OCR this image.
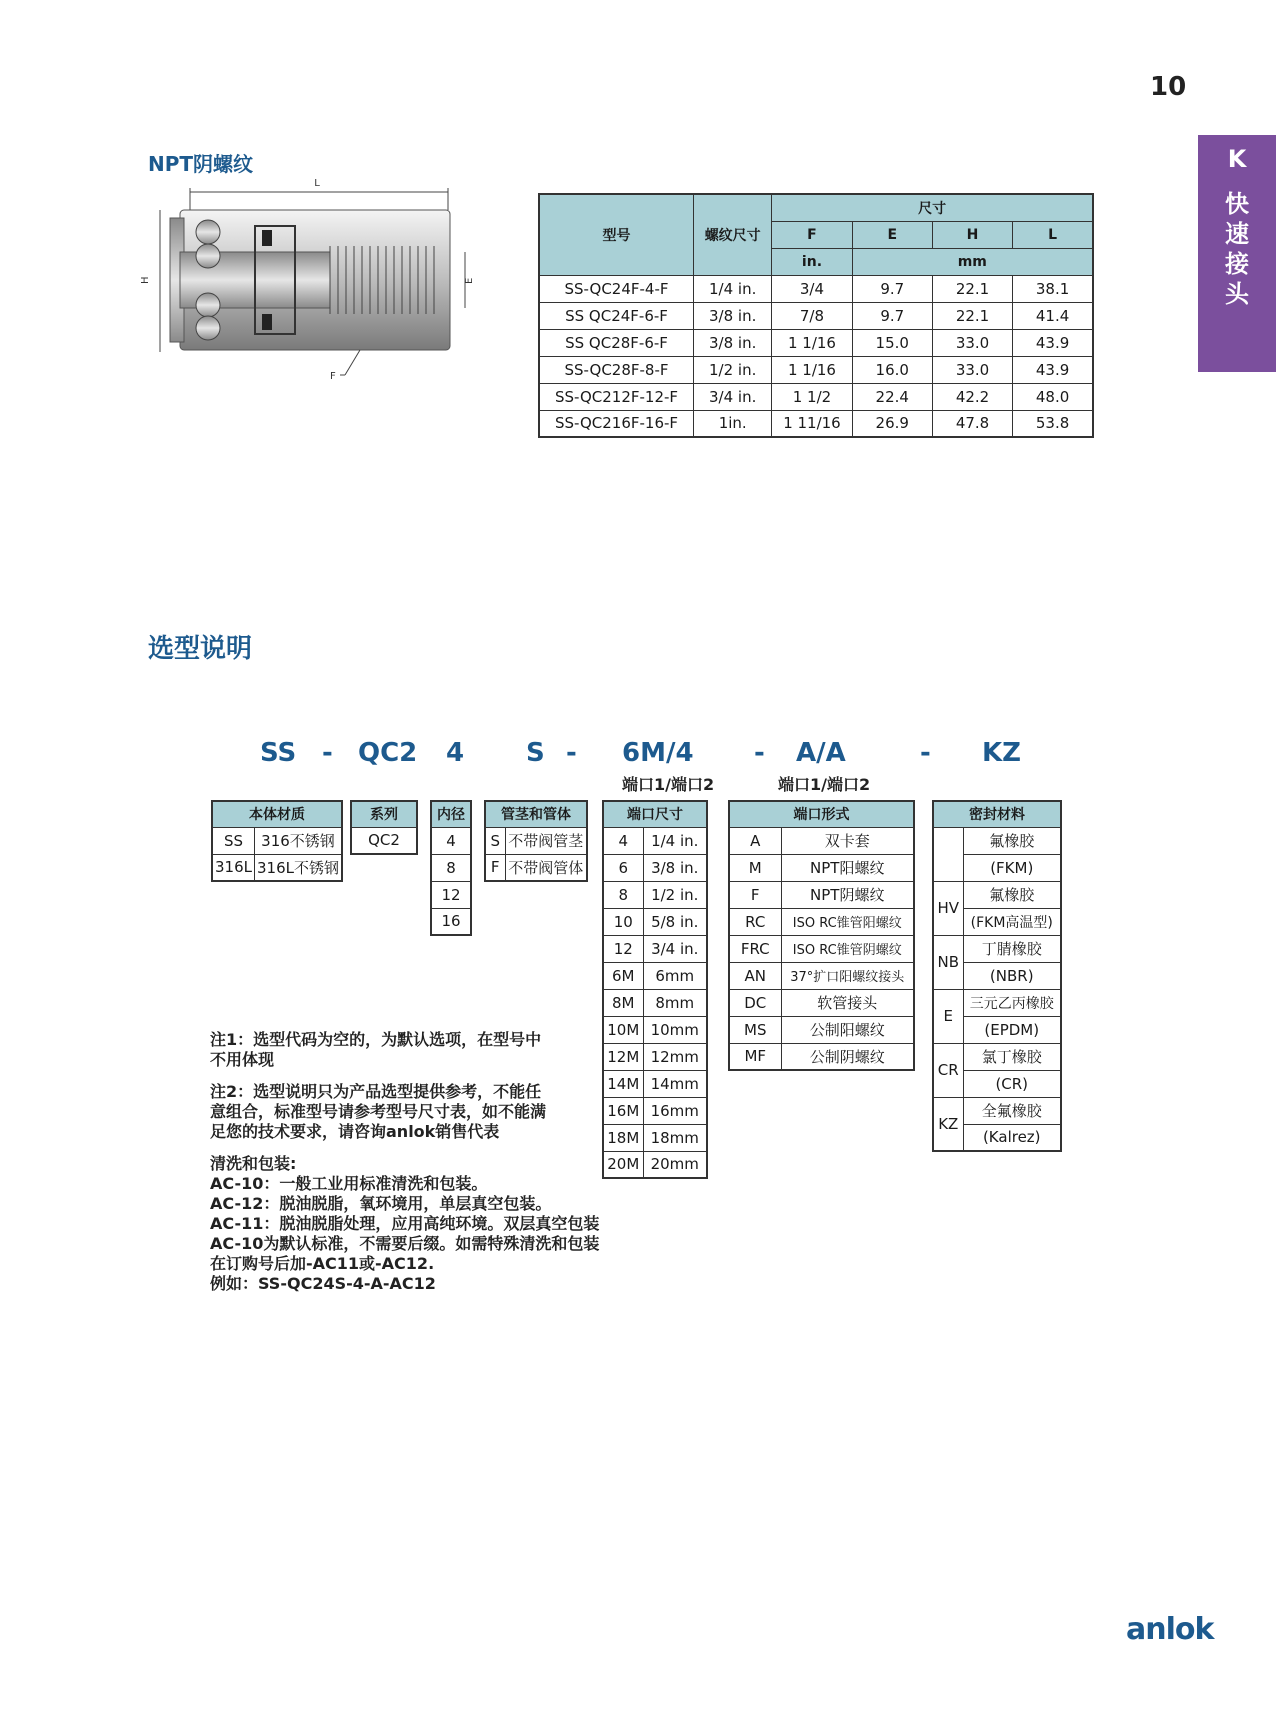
10
K
快
速
接
头
NPT阴螺纹
L
H	E
F
型号	螺纹尺寸	尺寸			
		F	E	H	L
		in.	mm		
SS-QC24F-4-F	1/4 in.	3/4	9.7	22.1	38.1
SS QC24F-6-F	3/8 in.	7/8	9.7	22.1	41.4
SS QC28F-6-F	3/8 in.	1 1/16	15.0	33.0	43.9
SS-QC28F-8-F	1/2 in.	1 1/16	16.0	33.0	43.9
SS-QC212F-12-F	3/4 in.	1 1/2	22.4	42.2	48.0
SS-QC216F-16-F	1in.	1 11/16	26.9	47.8	53.8
选型说明
SS - QC2 4 S - 6M/4 - A/A	- KZ
端口1/端口2	端口1/端口2
本体材质	
SS	316不锈钢
316L	316L不锈钢
系列
QC2
内径
4
8
12
16
管茎和管体	
S	不带阀管茎
F	不带阀管体
端口尺寸	
4	1/4 in.
6	3/8 in.
8	1/2 in.
10	5/8 in.
12	3/4 in.
6M	6mm
8M	8mm
10M	10mm
12M	12mm
14M	14mm
16M	16mm
18M	18mm
20M	20mm
端口形式	
A	双卡套
M	NPT阳螺纹
F	NPT阴螺纹
RC	ISO RC锥管阳螺纹
FRC	ISO RC锥管阴螺纹
AN	37°扩口阳螺纹接头
DC	软管接头
MS	公制阳螺纹
MF	公制阴螺纹
密封材料	
	氟橡胶
	(FKM)
HV	氟橡胶
	(FKM高温型)
NB	丁腈橡胶
	(NBR)
E	三元乙丙橡胶
	(EPDM)
CR	氯丁橡胶
	(CR)
KZ	全氟橡胶
	(Kalrez)
注1：选型代码为空的，为默认选项，在型号中
不用体现
注2：选型说明只为产品选型提供参考，不能任
意组合，标准型号请参考型号尺寸表，如不能满
足您的技术要求，请咨询anlok销售代表
清洗和包装:
AC-10：一般工业用标准清洗和包装。
AC-12：脱油脱脂，氧环境用，单层真空包装。
AC-11：脱油脱脂处理，应用高纯环境。双层真空包装
AC-10为默认标准，不需要后缀。如需特殊清洗和包装
在订购号后加-AC11或-AC12.
例如：SS-QC24S-4-A-AC12
anlok
